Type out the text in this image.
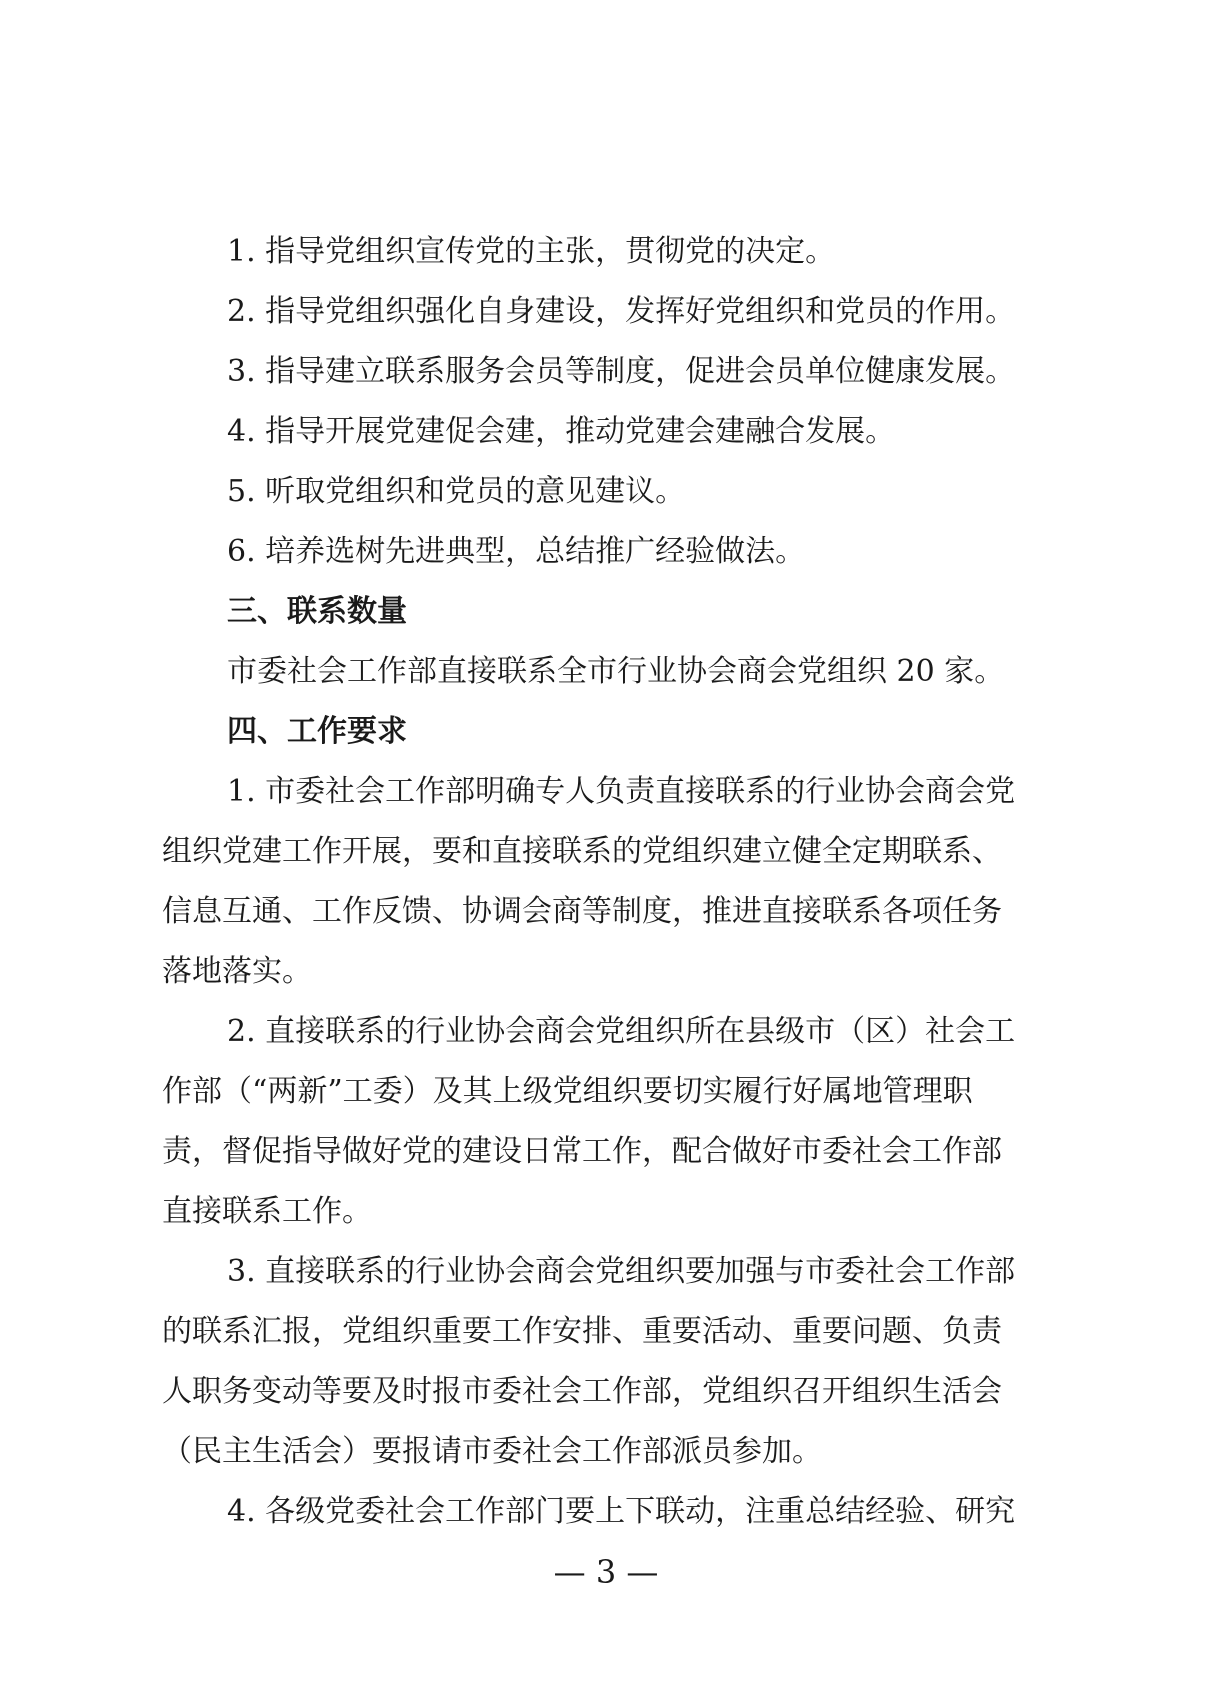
1. 指导党组织宣传党的主张，贯彻党的决定。
2. 指导党组织强化自身建设，发挥好党组织和党员的作用。
3. 指导建立联系服务会员等制度，促进会员单位健康发展。
4. 指导开展党建促会建，推动党建会建融合发展。
5. 听取党组织和党员的意见建议。
6. 培养选树先进典型，总结推广经验做法。
三、联系数量
市委社会工作部直接联系全市行业协会商会党组织 20 家。
四、工作要求
1. 市委社会工作部明确专人负责直接联系的行业协会商会党
组织党建工作开展，要和直接联系的党组织建立健全定期联系、
信息互通、工作反馈、协调会商等制度，推进直接联系各项任务
落地落实。
2. 直接联系的行业协会商会党组织所在县级市（区）社会工
作部（“两新”工委）及其上级党组织要切实履行好属地管理职
责，督促指导做好党的建设日常工作，配合做好市委社会工作部
直接联系工作。
3. 直接联系的行业协会商会党组织要加强与市委社会工作部
的联系汇报，党组织重要工作安排、重要活动、重要问题、负责
人职务变动等要及时报市委社会工作部，党组织召开组织生活会
（民主生活会）要报请市委社会工作部派员参加。
4. 各级党委社会工作部门要上下联动，注重总结经验、研究
— 3 —
